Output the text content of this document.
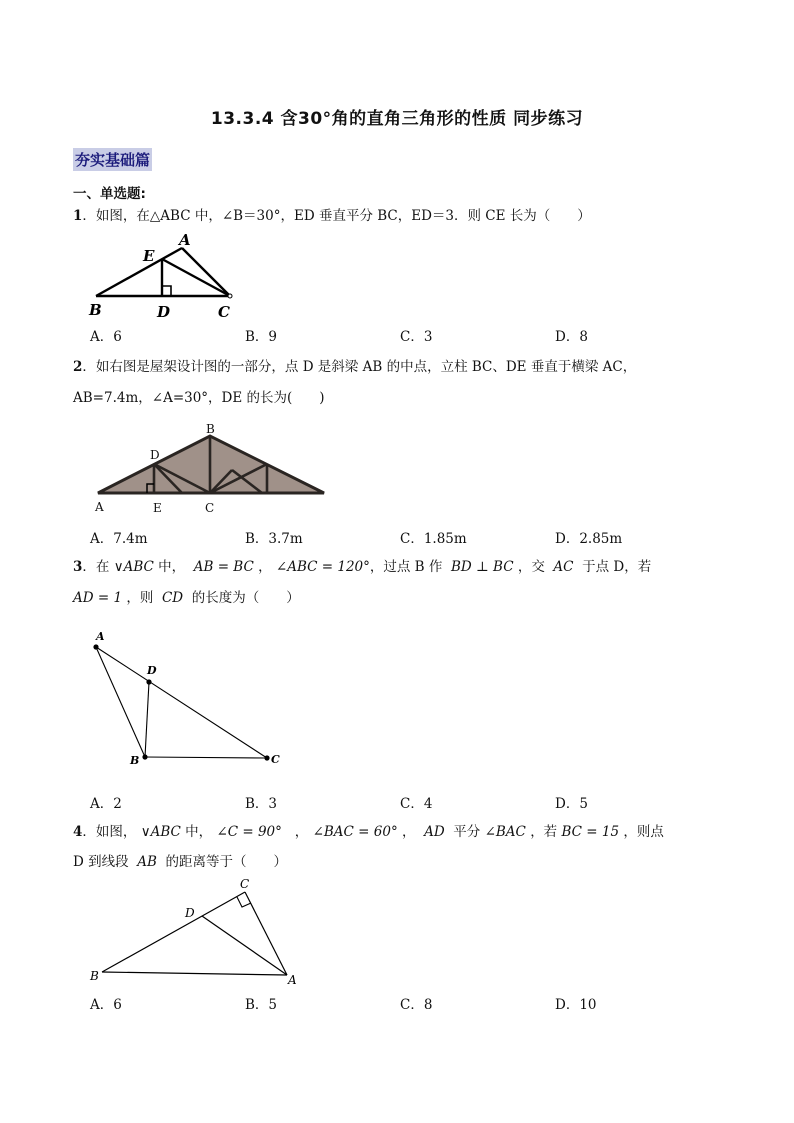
13.3.4 含30°角的直角三角形的性质 同步练习
夯实基础篇
一、单选题:
1．如图，在△ABC 中，∠B＝30°，ED 垂直平分 BC，ED＝3．则 CE 长为（　　）
A
E
B	D	C
A．6	B．9	C．3	D．8
2．如右图是屋架设计图的一部分，点 D 是斜梁 AB 的中点，立柱 BC、DE 垂直于横梁 AC，
AB=7.4m，∠A=30°，DE 的长为(　　)
B
D
A	E	C
A．7.4m	B．3.7m	C．1.85m	D．2.85m
3．在 ∨ABC 中， AB = BC ， ∠ABC = 120°，过点 B 作 BD ⊥ BC ，交 AC 于点 D，若
AD = 1 ，则 CD 的长度为（　　）
A
D
B	C
A．2	B．3	C．4	D．5
4．如图， ∨ABC 中， ∠C = 90° ， ∠BAC = 60° ， AD 平分 ∠BAC ，若 BC = 15 ，则点
D 到线段 AB 的距离等于（　　）
C
D
B	A
A．6	B．5	C．8	D．10
